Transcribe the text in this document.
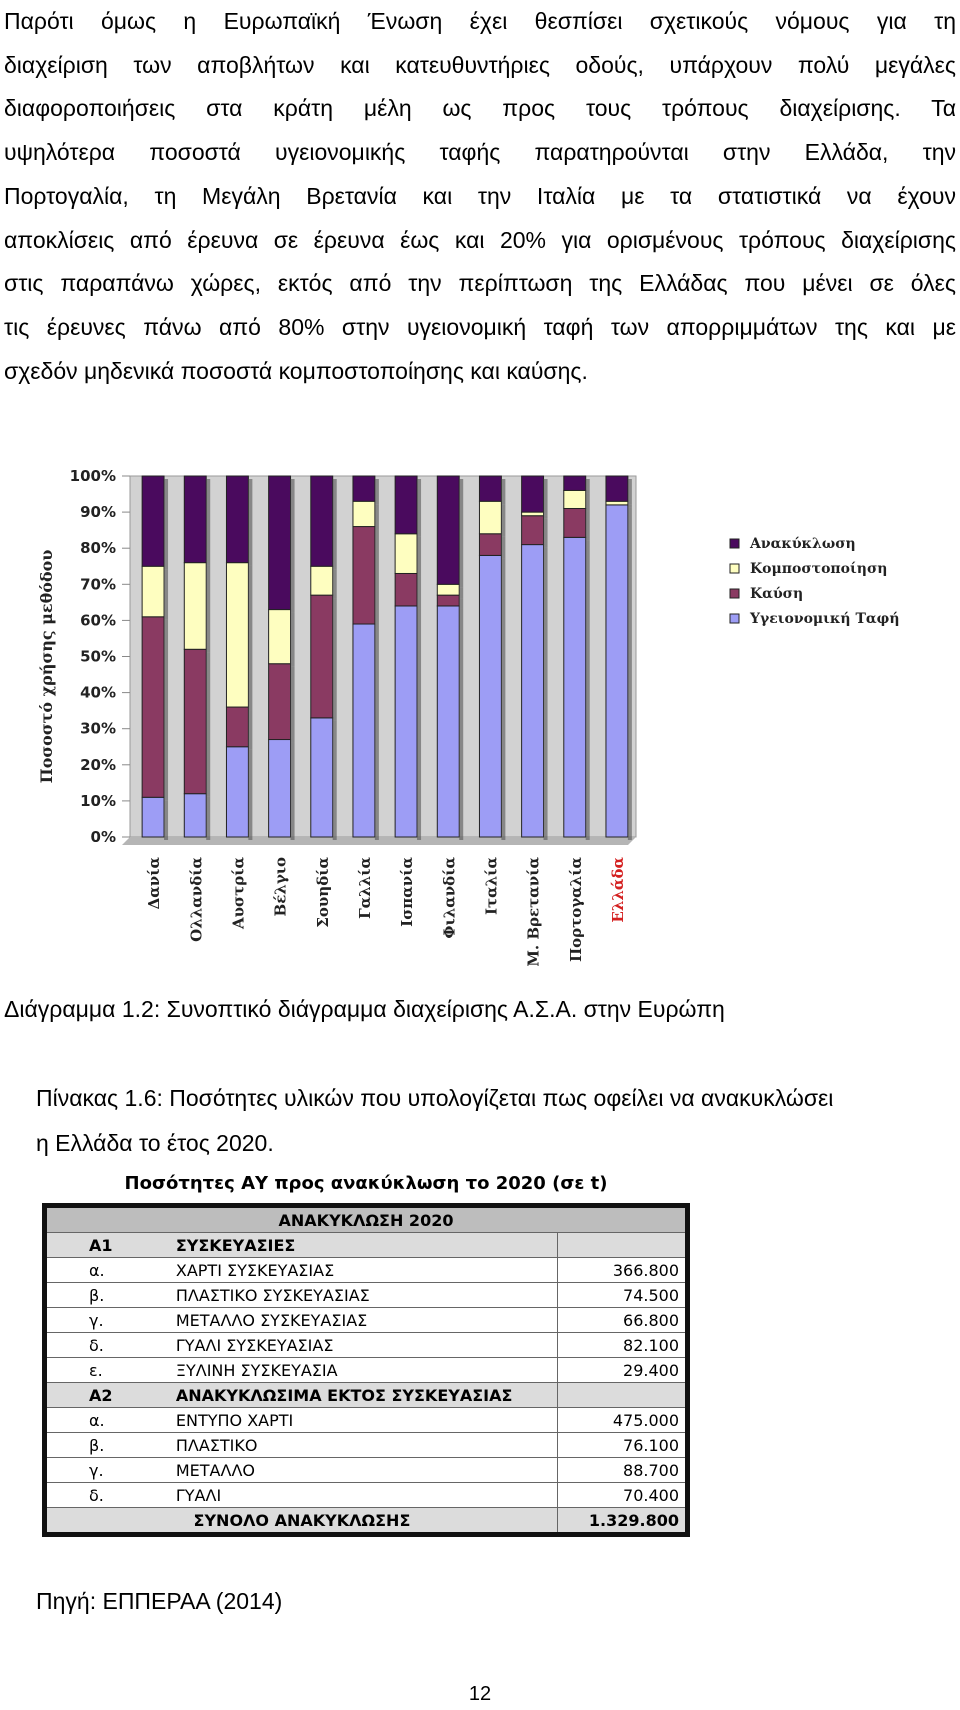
Παρότι όμως η Ευρωπαϊκή Ένωση έχει θεσπίσει σχετικούς νόμους για τη
διαχείριση των αποβλήτων και κατευθυντήριες οδούς, υπάρχουν πολύ μεγάλες
διαφοροποιήσεις στα κράτη μέλη ως προς τους τρόπους διαχείρισης. Τα
υψηλότερα ποσοστά υγειονομικής ταφής παρατηρούνται στην Ελλάδα, την
Πορτογαλία, τη Μεγάλη Βρετανία και την Ιταλία με τα στατιστικά να έχουν
αποκλίσεις από έρευνα σε έρευνα έως και 20% για ορισμένους τρόπους διαχείρισης
στις παραπάνω χώρες, εκτός από την περίπτωση της Ελλάδας που μένει σε όλες
τις έρευνες πάνω από 80% στην υγειονομική ταφή των απορριμμάτων της και με
σχεδόν μηδενικά ποσοστά κομποστοποίησης και καύσης.
0%
10%
20%
30%
40%
50%
60%
70%
80%
90%
100%
Ποσοστό χρήσης μεθόδου
Δανία Ολλανδία Αυστρία Βέλγιο Σουηδία Γαλλία Ισπανία Φιλανδία Ιταλία Μ. Βρετανία Πορτογαλία Ελλάδα
Ανακύκλωση
Κομποστοποίηση
Καύση
Υγειονομική Ταφή
Διάγραμμα 1.2: Συνοπτικό διάγραμμα διαχείρισης Α.Σ.Α. στην Ευρώπη
Πίνακας 1.6: Ποσότητες υλικών που υπολογίζεται πως οφείλει να ανακυκλώσει
η Ελλάδα το έτος 2020.
Ποσότητες ΑΥ προς ανακύκλωση το 2020 (σε t)
ΑΝΑΚΥΚΛΩΣΗ 2020		
Α1	ΣΥΣΚΕΥΑΣΙΕΣ	
α.	ΧΑΡΤΙ ΣΥΣΚΕΥΑΣΙΑΣ	366.800
β.	ΠΛΑΣΤΙΚΟ ΣΥΣΚΕΥΑΣΙΑΣ	74.500
γ.	ΜΕΤΑΛΛΟ ΣΥΣΚΕΥΑΣΙΑΣ	66.800
δ.	ΓΥΑΛΙ ΣΥΣΚΕΥΑΣΙΑΣ	82.100
ε.	ΞΥΛΙΝΗ ΣΥΣΚΕΥΑΣΙΑ	29.400
Α2	ΑΝΑΚΥΚΛΩΣΙΜΑ ΕΚΤΟΣ ΣΥΣΚΕΥΑΣΙΑΣ	
α.	ΕΝΤΥΠΟ ΧΑΡΤΙ	475.000
β.	ΠΛΑΣΤΙΚΟ	76.100
γ.	ΜΕΤΑΛΛΟ	88.700
δ.	ΓΥΑΛΙ	70.400
ΣΥΝΟΛΟ ΑΝΑΚΥΚΛΩΣΗΣ		1.329.800
Πηγή: ΕΠΠΕΡΑΑ (2014)
12
